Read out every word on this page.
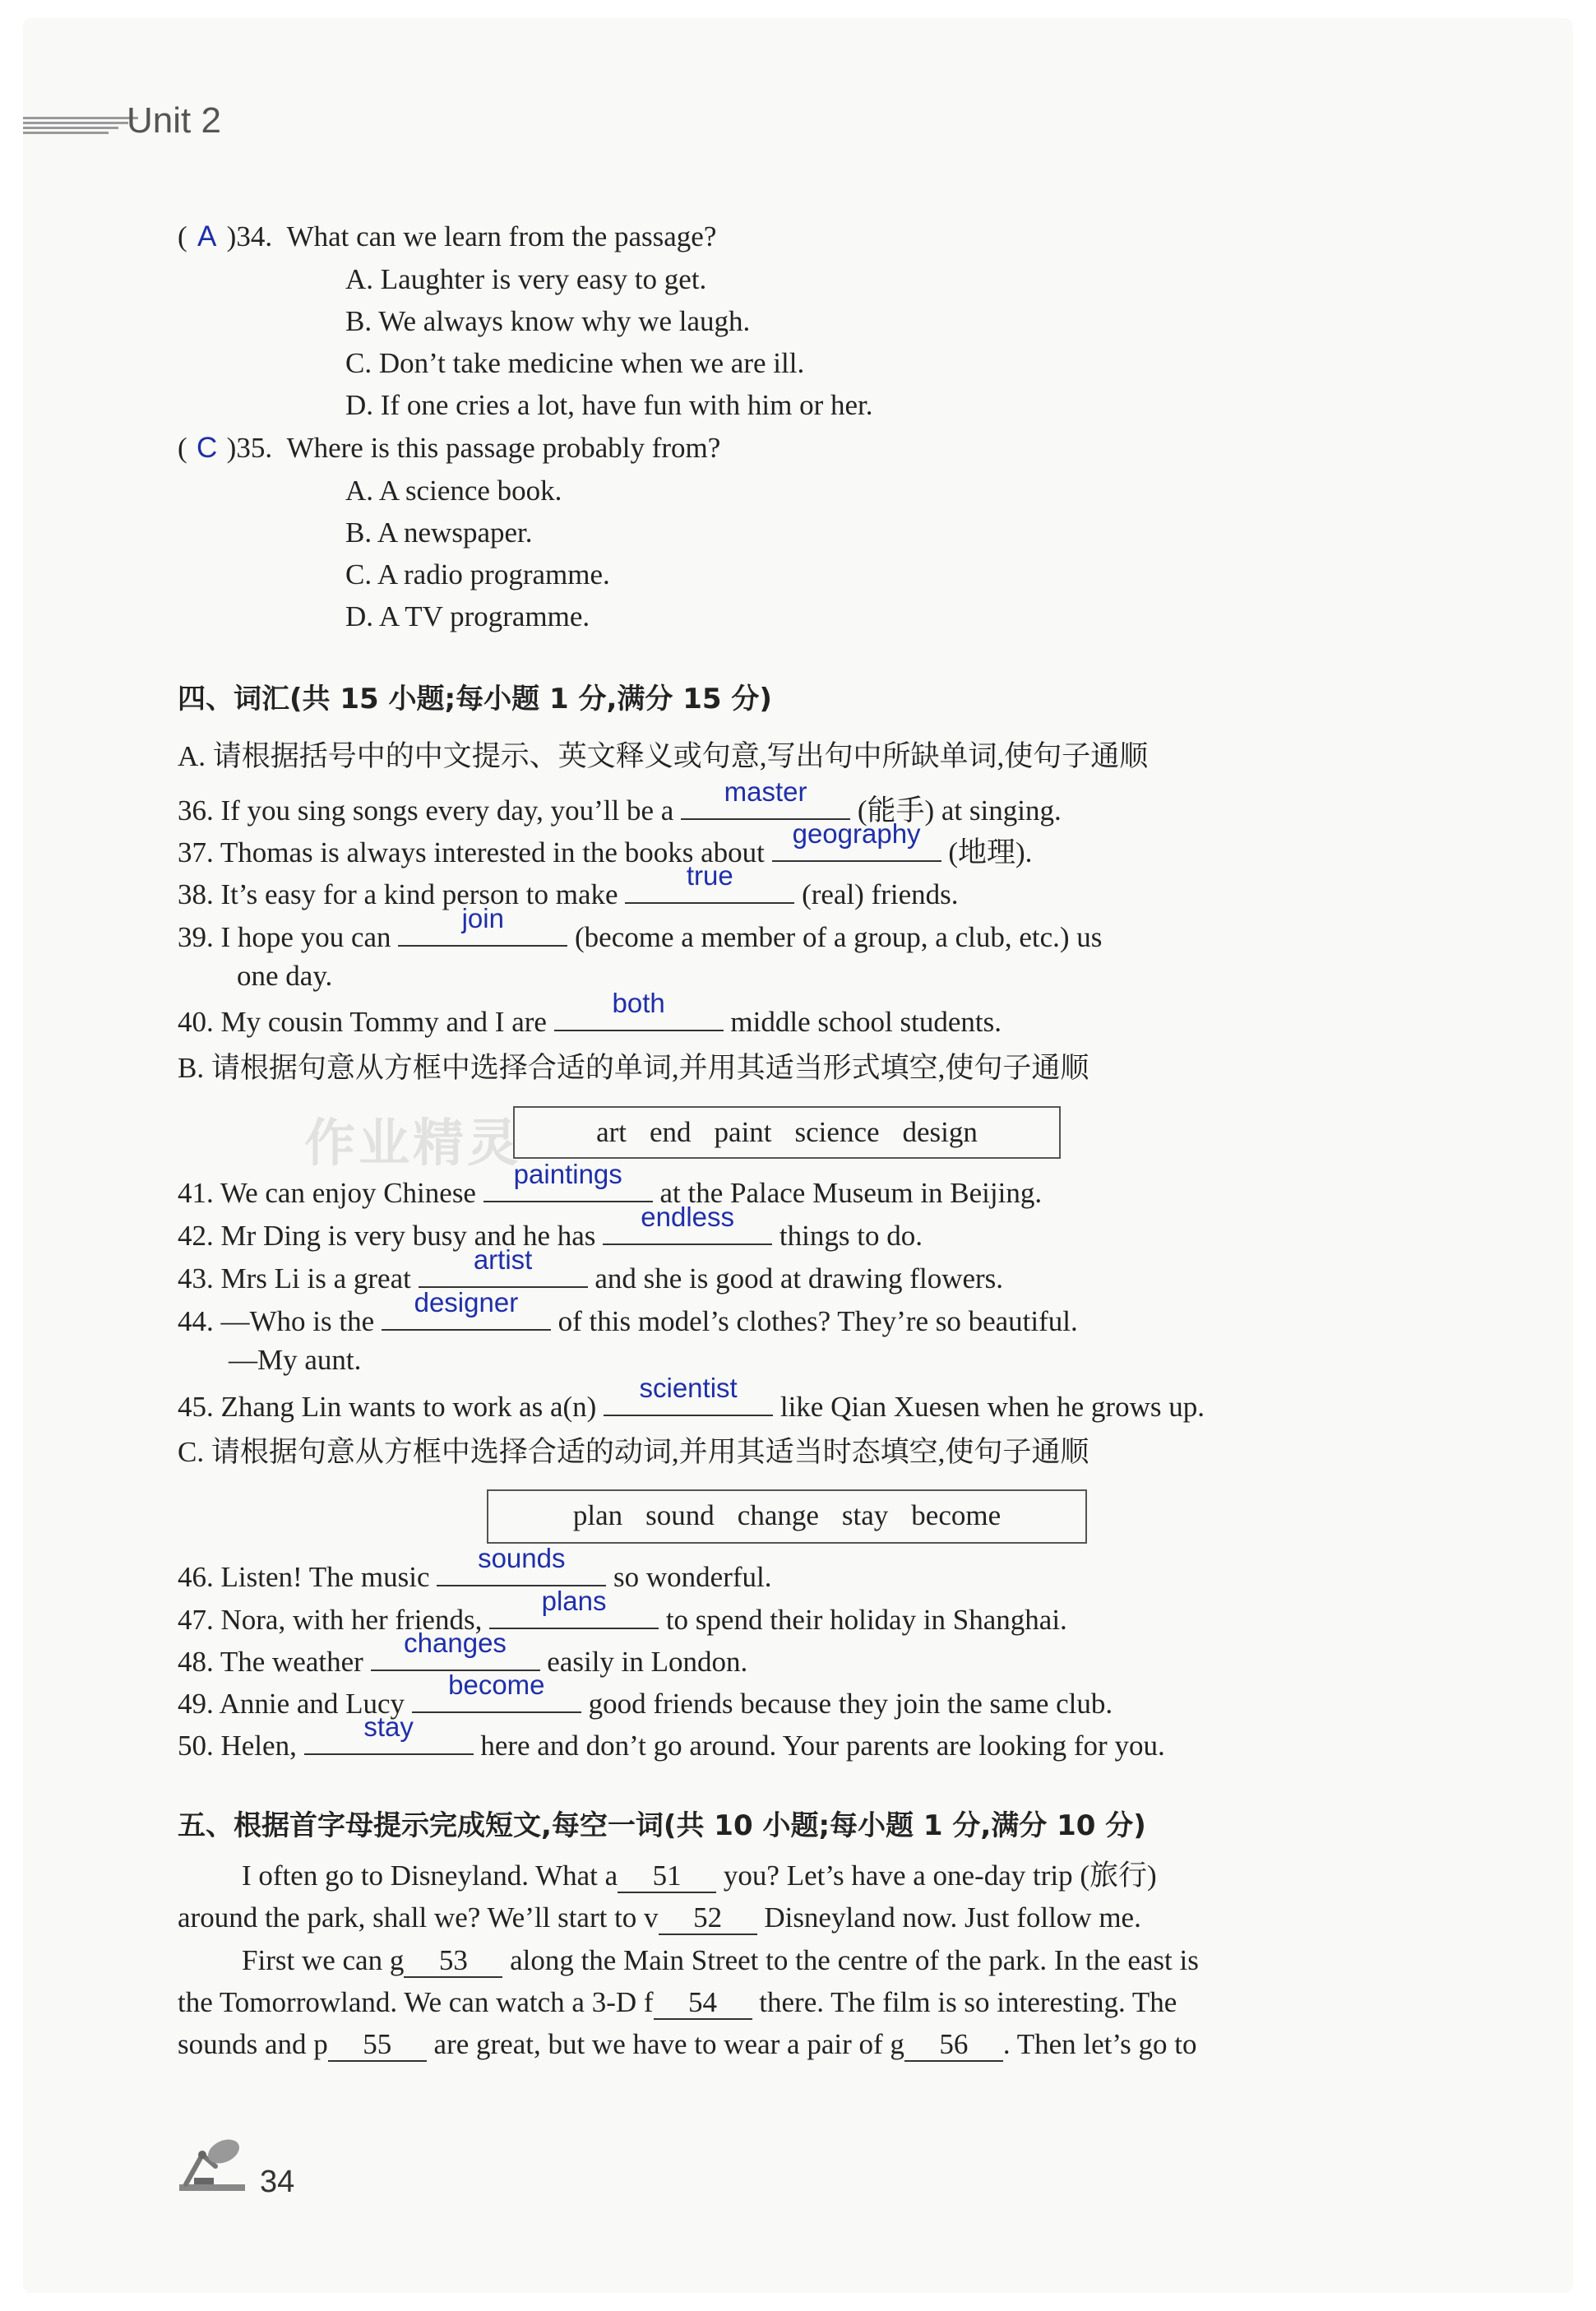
Unit 2
( A )34. What can we learn from the passage?
A. Laughter is very easy to get.
B. We always know why we laugh.
C. Don’t take medicine when we are ill.
D. If one cries a lot, have fun with him or her.
( C )35. Where is this passage probably from?
A. A science book.
B. A newspaper.
C. A radio programme.
D. A TV programme.
四、词汇(共 15 小题;每小题 1 分,满分 15 分)
A. 请根据括号中的中文提示、英文释义或句意,写出句中所缺单词,使句子通顺
36. If you sing songs every day, you’ll be a
master
(能手) at singing.
37. Thomas is always interested in the books about
geography
(地理).
38. It’s easy for a kind person to make
true
(real) friends.
39. I hope you can
join
(become a member of a group, a club, etc.) us
one day.
40. My cousin Tommy and I are
both
middle school students.
B. 请根据句意从方框中选择合适的单词,并用其适当形式填空,使句子通顺
art end paint science design
作业精灵
41. We can enjoy Chinese
paintings
at the Palace Museum in Beijing.
42. Mr Ding is very busy and he has
endless
things to do.
43. Mrs Li is a great
artist
and she is good at drawing flowers.
44. —Who is the
designer
of this model’s clothes? They’re so beautiful.
—My aunt.
45. Zhang Lin wants to work as a(n)
scientist
like Qian Xuesen when he grows up.
C. 请根据句意从方框中选择合适的动词,并用其适当时态填空,使句子通顺
plan sound change stay become
46. Listen! The music
sounds
so wonderful.
47. Nora, with her friends,
plans
to spend their holiday in Shanghai.
48. The weather
changes
easily in London.
49. Annie and Lucy
become
good friends because they join the same club.
50. Helen,
stay
here and don’t go around. Your parents are looking for you.
五、根据首字母提示完成短文,每空一词(共 10 小题;每小题 1 分,满分 10 分)
I often go to Disneyland. What a 51 you? Let’s have a one-day trip (旅行)
around the park, shall we? We’ll start to v 52 Disneyland now. Just follow me.
First we can g 53 along the Main Street to the centre of the park. In the east is
the Tomorrowland. We can watch a 3-D f 54 there. The film is so interesting. The
sounds and p 55 are great, but we have to wear a pair of g 56 . Then let’s go to
34
